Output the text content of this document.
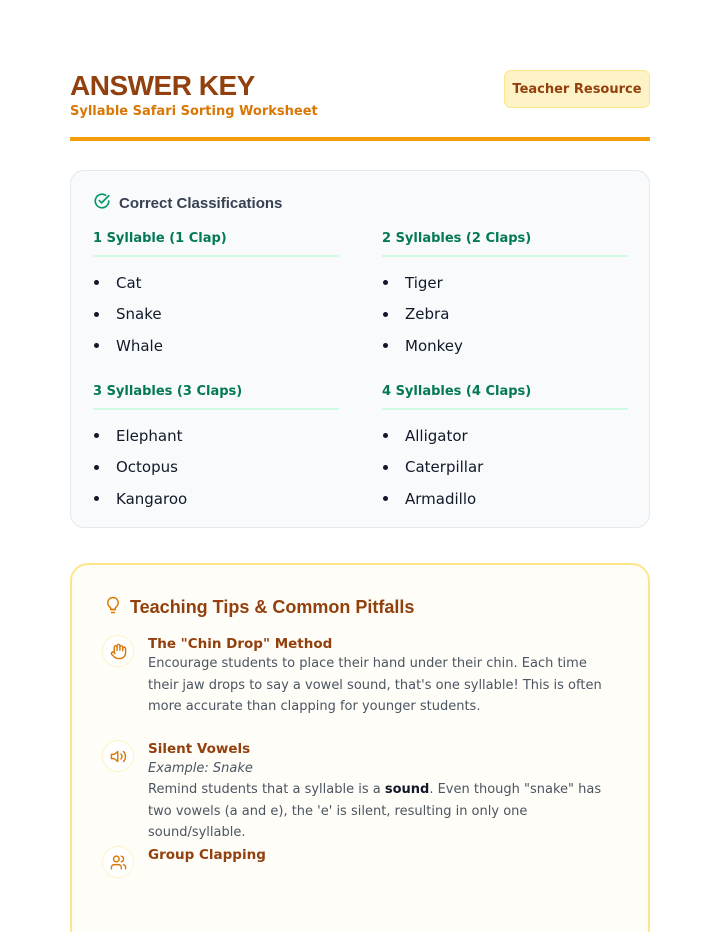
ANSWER KEY
Syllable Safari Sorting Worksheet
Teacher Resource
Correct Classifications
1 Syllable (1 Clap)
Cat
Snake
Whale
2 Syllables (2 Claps)
Tiger
Zebra
Monkey
3 Syllables (3 Claps)
Elephant
Octopus
Kangaroo
4 Syllables (4 Claps)
Alligator
Caterpillar
Armadillo
Teaching Tips & Common Pitfalls
The "Chin Drop" Method
Encourage students to place their hand under their chin. Each time their jaw drops to say a vowel sound, that's one syllable! This is often more accurate than clapping for younger students.
Silent Vowels
Example: Snake
Remind students that a syllable is a sound. Even though "snake" has two vowels (a and e), the 'e' is silent, resulting in only one sound/syllable.
Group Clapping
